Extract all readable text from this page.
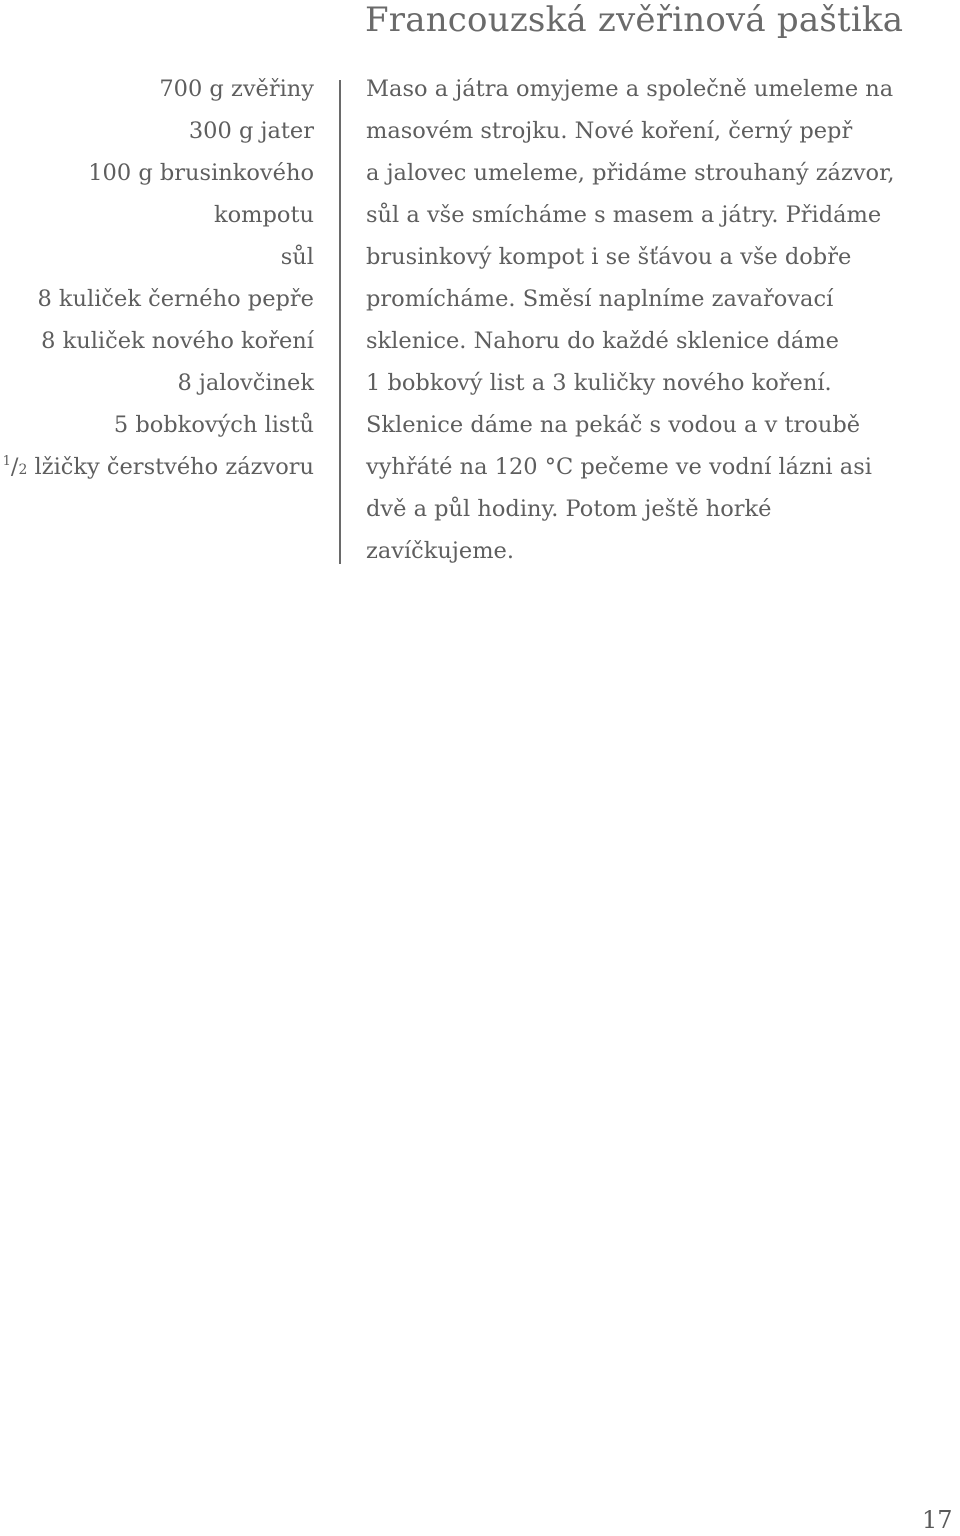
Francouzská zvěřinová paštika
700 g zvěřiny
300 g jater
100 g brusinkového
kompotu
sůl
8 kuliček černého pepře
8 kuliček nového koření
8 jalovčinek
5 bobkových listů
$^1$/2 lžičky čerstvého zázvoru
Maso a játra omyjeme a společně umeleme na
masovém strojku. Nové koření, černý pepř
a jalovec umeleme, přidáme strouhaný zázvor,
sůl a vše smícháme s masem a játry. Přidáme
brusinkový kompot i se šťávou a vše dobře
promícháme. Směsí naplníme zavařovací
sklenice. Nahoru do každé sklenice dáme
1 bobkový list a 3 kuličky nového koření.
Sklenice dáme na pekáč s vodou a v troubě
vyhřáté na 120 °C pečeme ve vodní lázni asi
dvě a půl hodiny. Potom ještě horké
zavíčkujeme.
17
